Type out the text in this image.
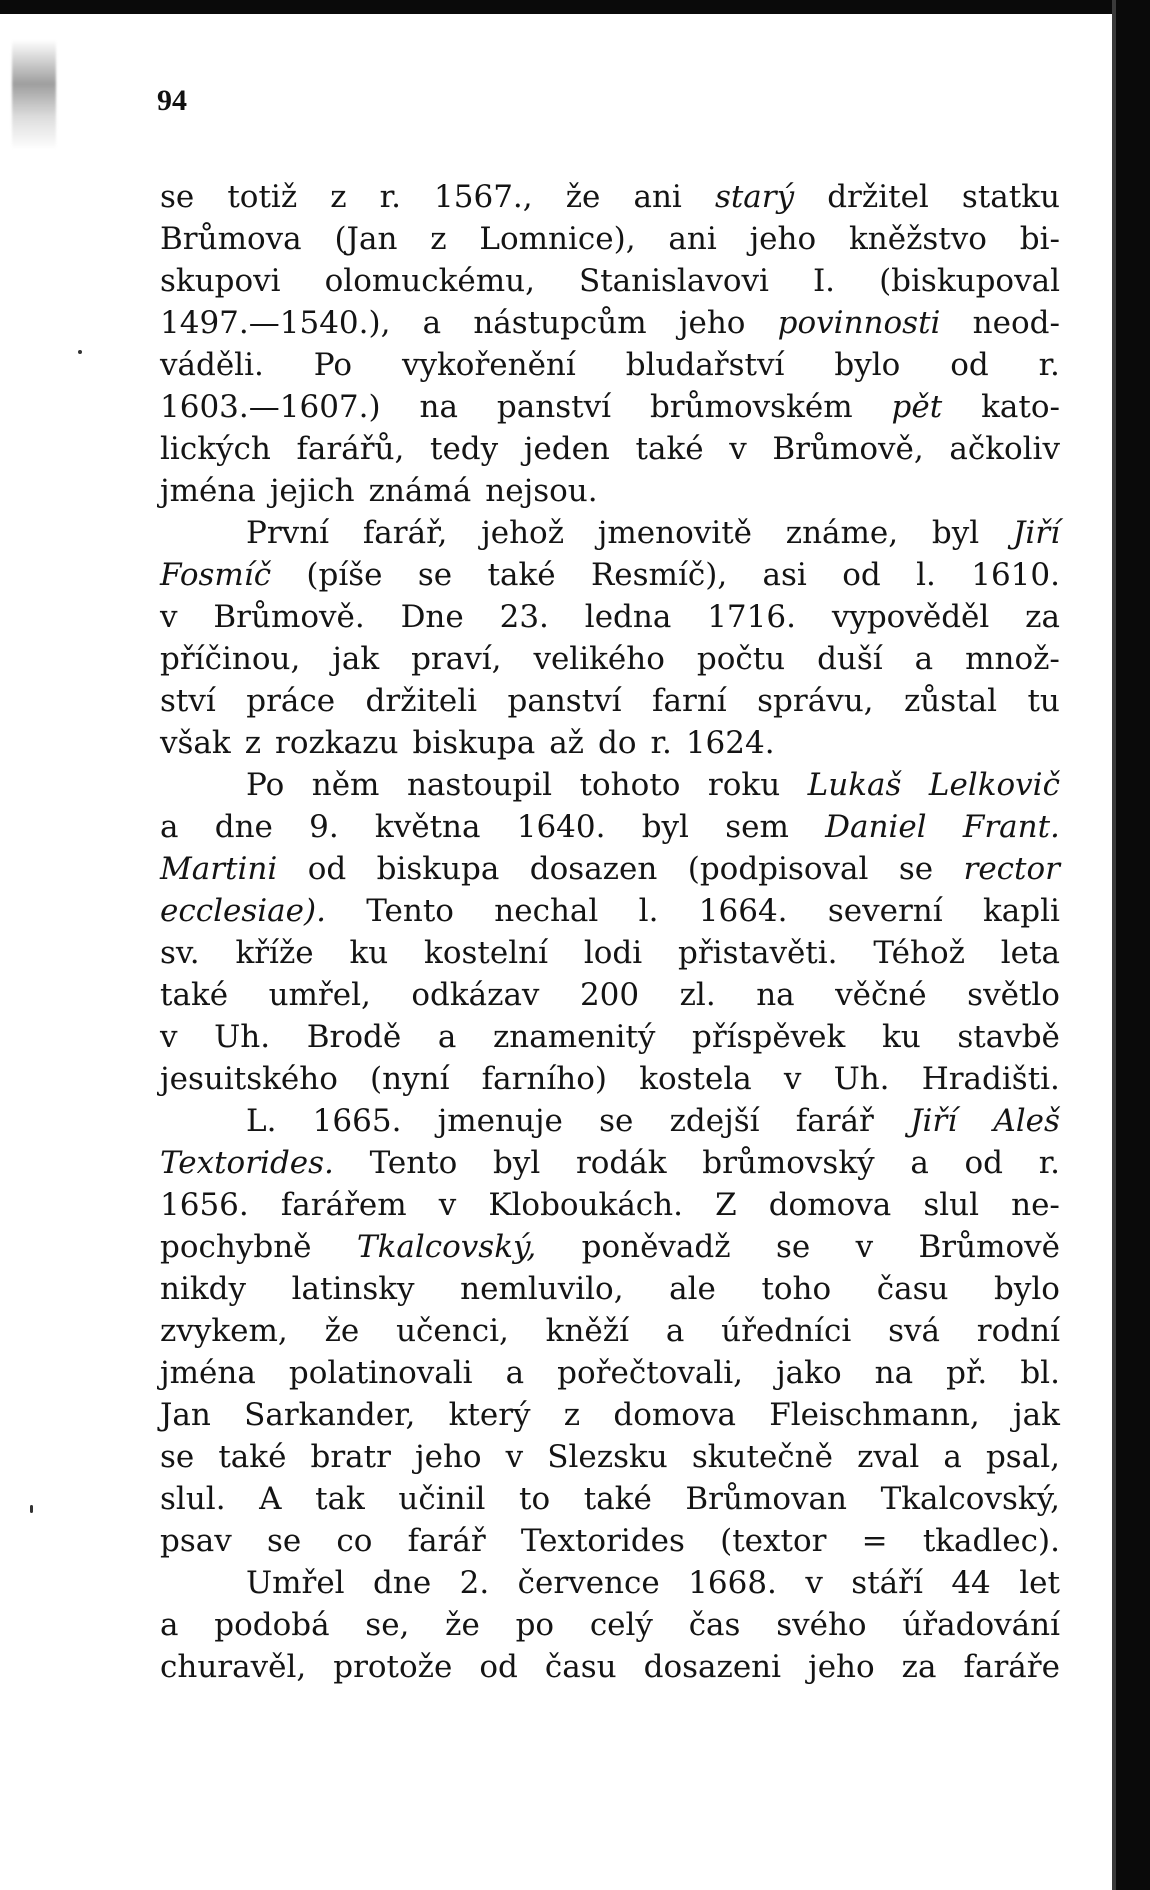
94
se totiž z r. 1567., že ani starý držitel statku
Brůmova (Jan z Lomnice), ani jeho kněžstvo bi-
skupovi olomuckému, Stanislavovi I. (biskupoval
1497.—1540.), a nástupcům jeho povinnosti neod-
váděli. Po vykořenění bludařství bylo od r.
1603.—1607.) na panství brůmovském pět kato-
lických farářů, tedy jeden také v Brůmově, ačkoliv
jména jejich známá nejsou.
První farář, jehož jmenovitě známe, byl Jiří
Fosmíč (píše se také Resmíč), asi od l. 1610.
v Brůmově. Dne 23. ledna 1716. vypověděl za
příčinou, jak praví, velikého počtu duší a množ-
ství práce držiteli panství farní správu, zůstal tu
však z rozkazu biskupa až do r. 1624.
Po něm nastoupil tohoto roku Lukaš Lelkovič
a dne 9. května 1640. byl sem Daniel Frant.
Martini od biskupa dosazen (podpisoval se rector
ecclesiae). Tento nechal l. 1664. severní kapli
sv. kříže ku kostelní lodi přistavěti. Téhož leta
také umřel, odkázav 200 zl. na věčné světlo
v Uh. Brodě a znamenitý příspěvek ku stavbě
jesuitského (nyní farního) kostela v Uh. Hradišti.
L. 1665. jmenuje se zdejší farář Jiří Aleš
Textorides. Tento byl rodák brůmovský a od r.
1656. farářem v Kloboukách. Z domova slul ne-
pochybně Tkalcovský, poněvadž se v Brůmově
nikdy latinsky nemluvilo, ale toho času bylo
zvykem, že učenci, kněží a úředníci svá rodní
jména polatinovali a pořečtovali, jako na př. bl.
Jan Sarkander, který z domova Fleischmann, jak
se také bratr jeho v Slezsku skutečně zval a psal,
slul. A tak učinil to také Brůmovan Tkalcovský,
psav se co farář Textorides (textor = tkadlec).
Umřel dne 2. července 1668. v stáří 44 let
a podobá se, že po celý čas svého úřadování
churavěl, protože od času dosazeni jeho za faráře
